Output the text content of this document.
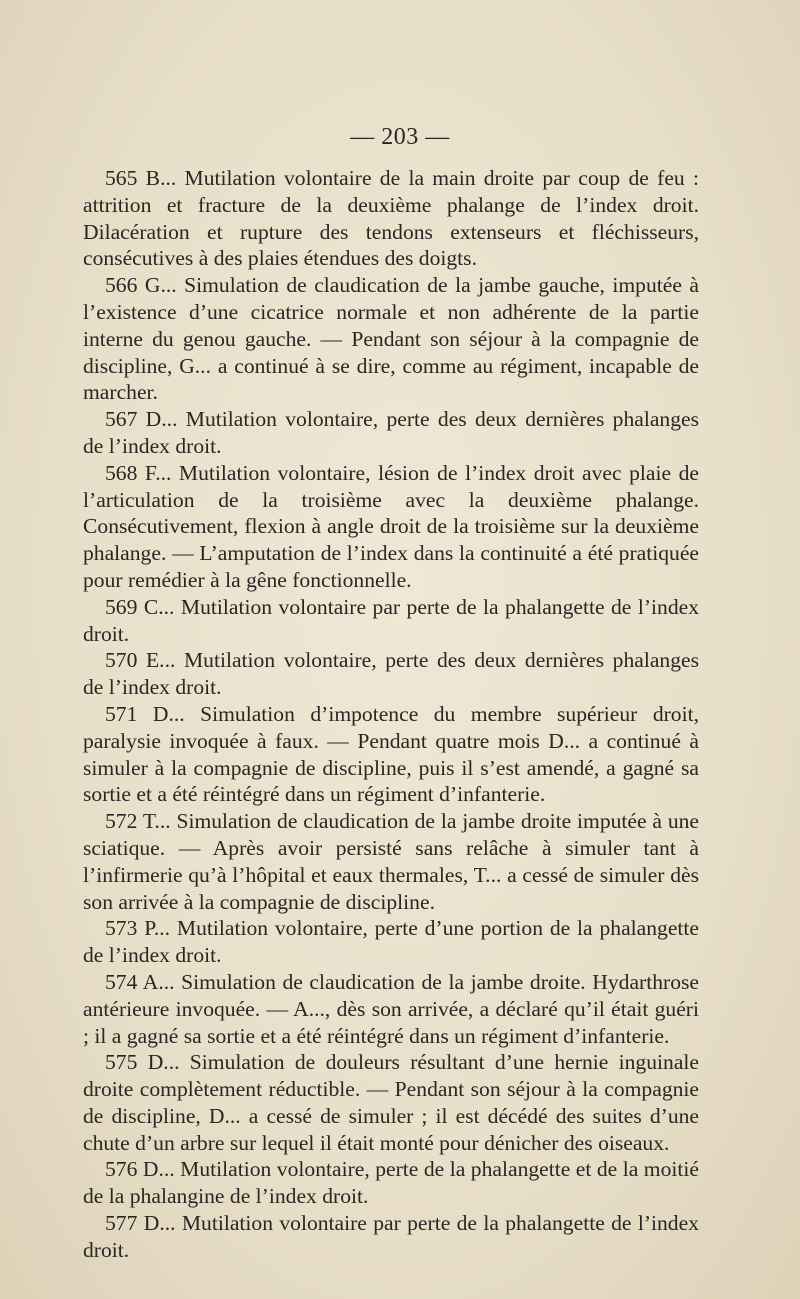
— 203 —

565 B... Mutilation volontaire de la main droite par coup de feu : attrition et fracture de la deuxième phalange de l’index droit. Dilacération et rupture des tendons extenseurs et fléchisseurs, consécutives à des plaies étendues des doigts.

566 G... Simulation de claudication de la jambe gauche, imputée à l’existence d’une cicatrice normale et non adhérente de la partie interne du genou gauche. — Pendant son séjour à la compagnie de discipline, G... a continué à se dire, comme au régiment, incapable de marcher.

567 D... Mutilation volontaire, perte des deux dernières phalanges de l’index droit.

568 F... Mutilation volontaire, lésion de l’index droit avec plaie de l’articulation de la troisième avec la deuxième phalange. Consécutivement, flexion à angle droit de la troisième sur la deuxième phalange. — L’amputation de l’index dans la continuité a été pratiquée pour remédier à la gêne fonctionnelle.

569 C... Mutilation volontaire par perte de la phalangette de l’index droit.

570 E... Mutilation volontaire, perte des deux dernières phalanges de l’index droit.

571 D... Simulation d’impotence du membre supérieur droit, paralysie invoquée à faux. — Pendant quatre mois D... a continué à simuler à la compagnie de discipline, puis il s’est amendé, a gagné sa sortie et a été réintégré dans un régiment d’infanterie.

572 T... Simulation de claudication de la jambe droite imputée à une sciatique. — Après avoir persisté sans relâche à simuler tant à l’infirmerie qu’à l’hôpital et eaux thermales, T... a cessé de simuler dès son arrivée à la compagnie de discipline.

573 P... Mutilation volontaire, perte d’une portion de la phalangette de l’index droit.

574 A... Simulation de claudication de la jambe droite. Hydarthrose antérieure invoquée. — A..., dès son arrivée, a déclaré qu’il était guéri ; il a gagné sa sortie et a été réintégré dans un régiment d’infanterie.

575 D... Simulation de douleurs résultant d’une hernie inguinale droite complètement réductible. — Pendant son séjour à la compagnie de discipline, D... a cessé de simuler ; il est décédé des suites d’une chute d’un arbre sur lequel il était monté pour dénicher des oiseaux.

576 D... Mutilation volontaire, perte de la phalangette et de la moitié de la phalangine de l’index droit.

577 D... Mutilation volontaire par perte de la phalangette de l’index droit.
